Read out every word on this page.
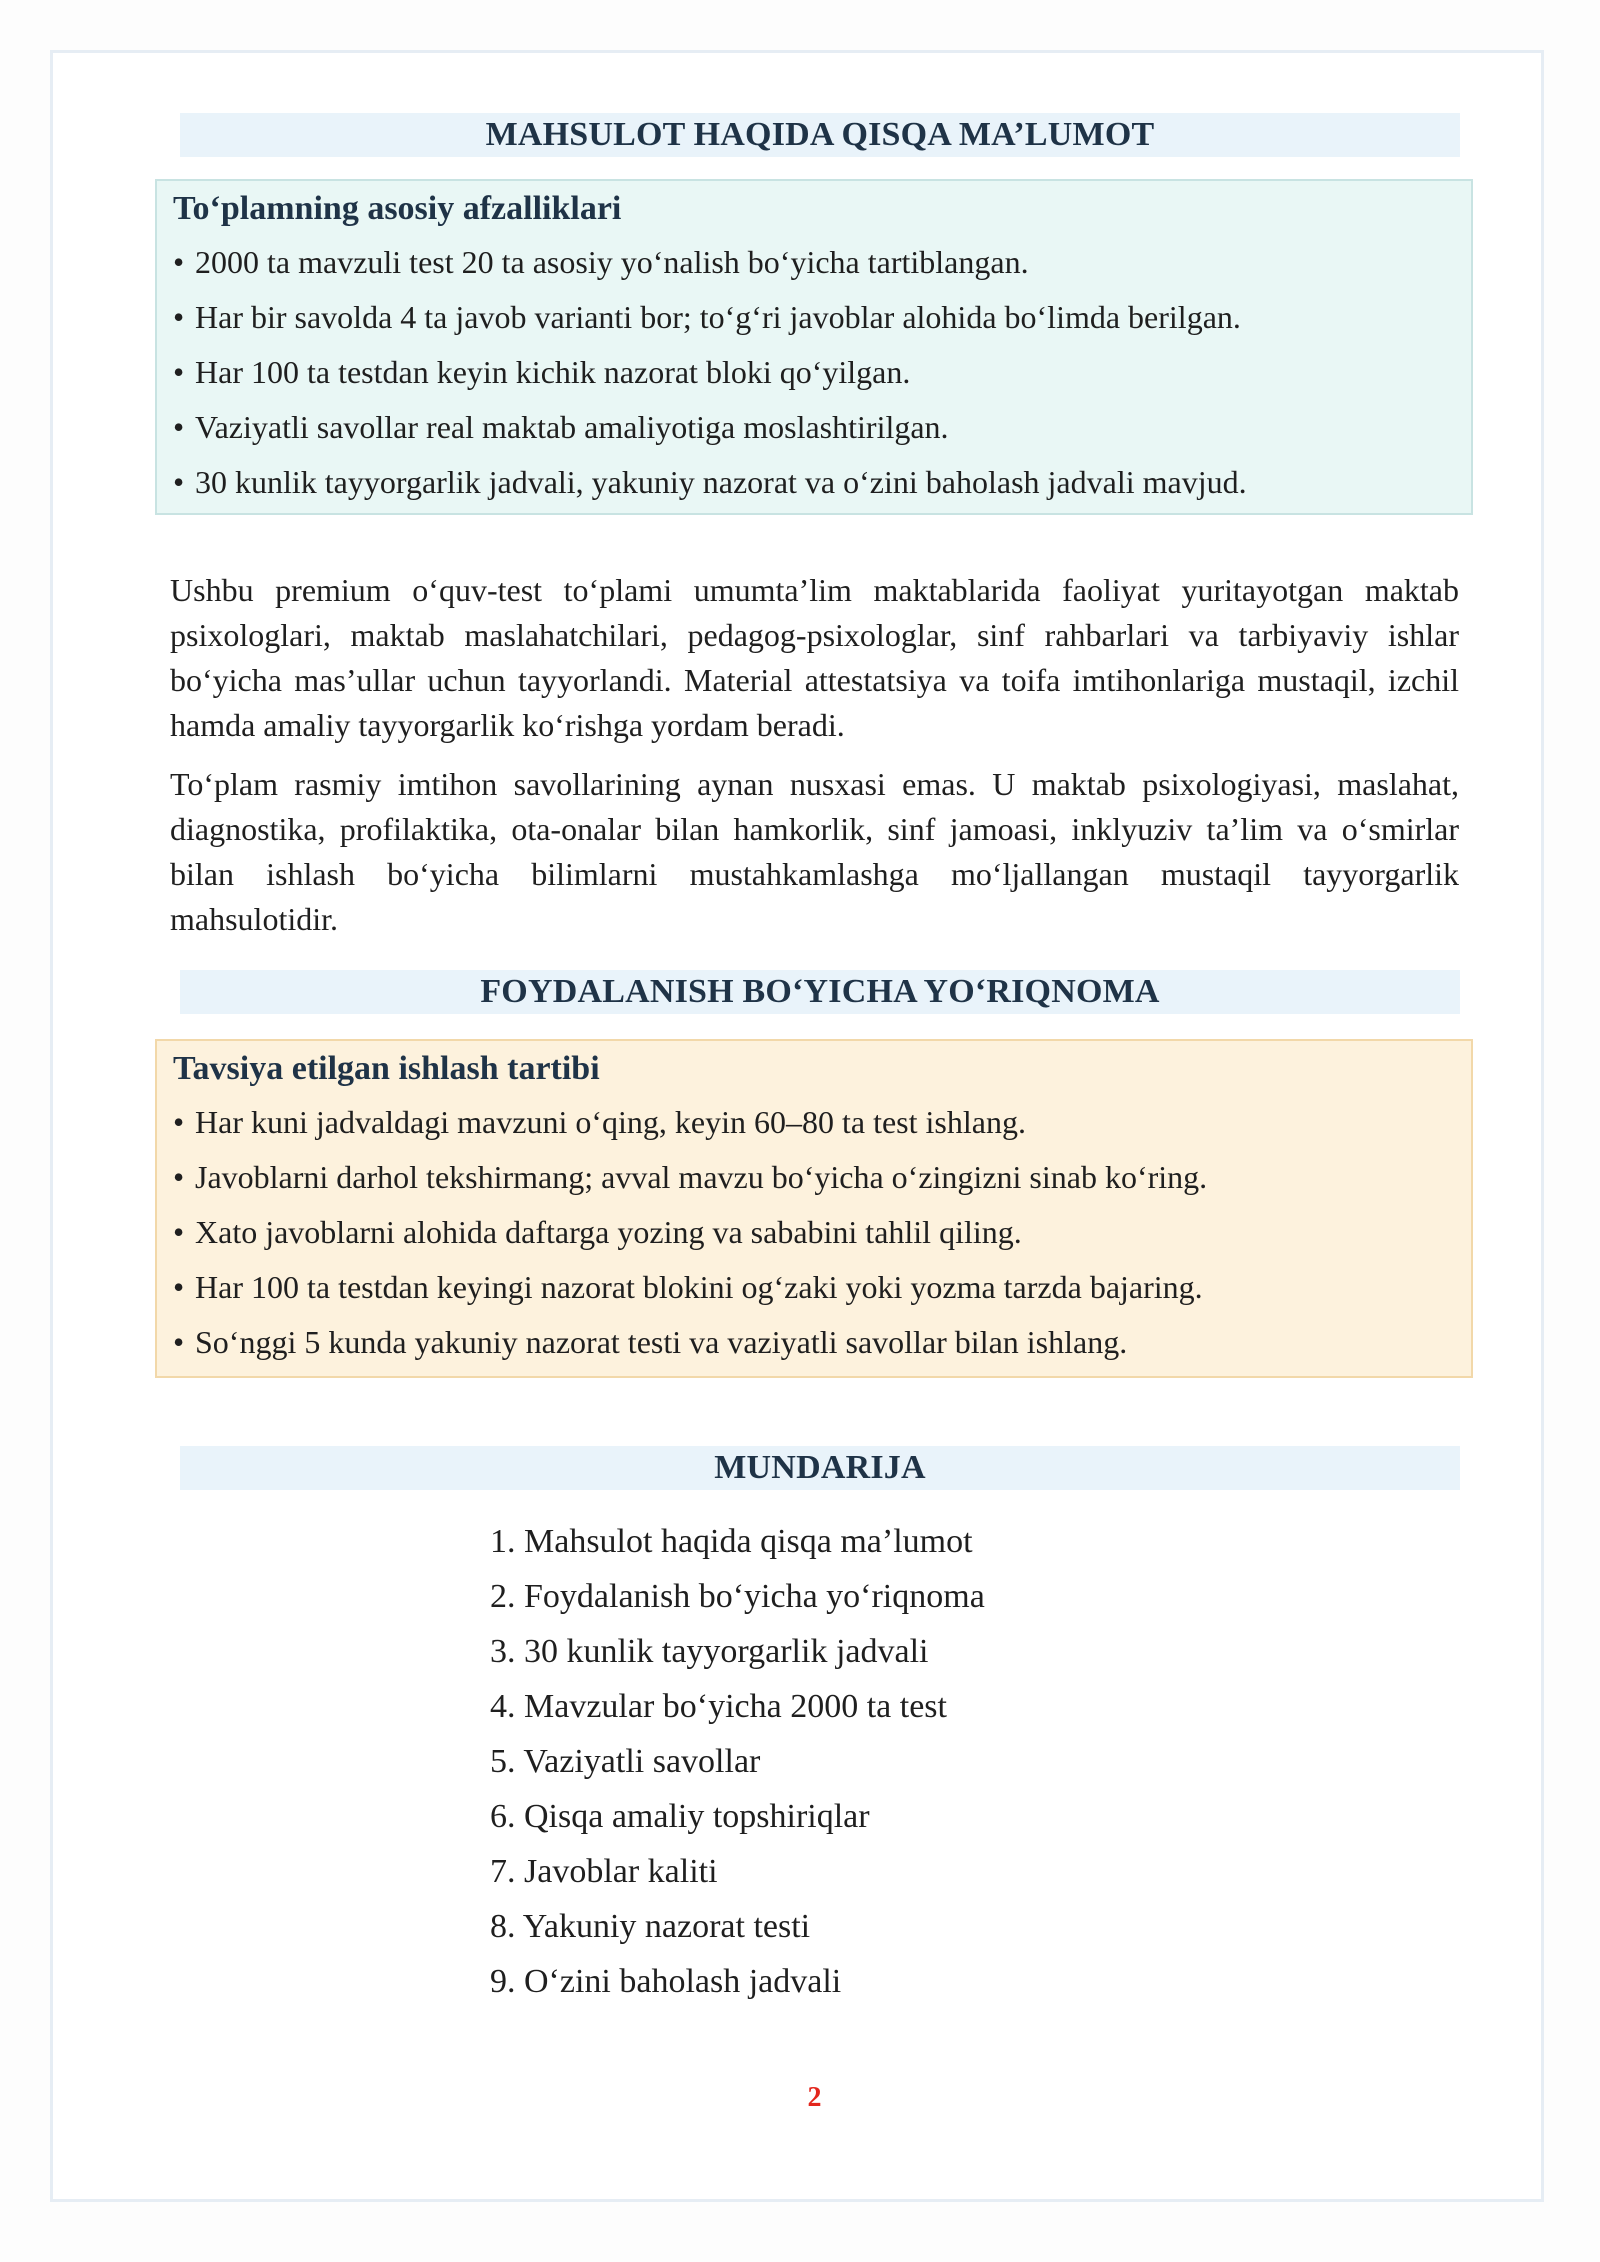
MAHSULOT HAQIDA QISQA MA’LUMOT
To‘plamning asosiy afzalliklari
• 2000 ta mavzuli test 20 ta asosiy yo‘nalish bo‘yicha tartiblangan.
• Har bir savolda 4 ta javob varianti bor; to‘g‘ri javoblar alohida bo‘limda berilgan.
• Har 100 ta testdan keyin kichik nazorat bloki qo‘yilgan.
• Vaziyatli savollar real maktab amaliyotiga moslashtirilgan.
• 30 kunlik tayyorgarlik jadvali, yakuniy nazorat va o‘zini baholash jadvali mavjud.

Ushbu premium o‘quv-test to‘plami umumta’lim maktablarida faoliyat yuritayotgan maktab psixologlari, maktab maslahatchilari, pedagog-psixologlar, sinf rahbarlari va tarbiyaviy ishlar bo‘yicha mas’ullar uchun tayyorlandi. Material attestatsiya va toifa imtihonlariga mustaqil, izchil hamda amaliy tayyorgarlik ko‘rishga yordam beradi.

To‘plam rasmiy imtihon savollarining aynan nusxasi emas. U maktab psixologiyasi, maslahat, diagnostika, profilaktika, ota-onalar bilan hamkorlik, sinf jamoasi, inklyuziv ta’lim va o‘smirlar bilan ishlash bo‘yicha bilimlarni mustahkamlashga mo‘ljallangan mustaqil tayyorgarlik mahsulotidir.

FOYDALANISH BO‘YICHA YO‘RIQNOMA
Tavsiya etilgan ishlash tartibi
• Har kuni jadvaldagi mavzuni o‘qing, keyin 60–80 ta test ishlang.
• Javoblarni darhol tekshirmang; avval mavzu bo‘yicha o‘zingizni sinab ko‘ring.
• Xato javoblarni alohida daftarga yozing va sababini tahlil qiling.
• Har 100 ta testdan keyingi nazorat blokini og‘zaki yoki yozma tarzda bajaring.
• So‘nggi 5 kunda yakuniy nazorat testi va vaziyatli savollar bilan ishlang.
MUNDARIJA
1. Mahsulot haqida qisqa ma’lumot
2. Foydalanish bo‘yicha yo‘riqnoma
3. 30 kunlik tayyorgarlik jadvali
4. Mavzular bo‘yicha 2000 ta test
5. Vaziyatli savollar
6. Qisqa amaliy topshiriqlar
7. Javoblar kaliti
8. Yakuniy nazorat testi
9. O‘zini baholash jadvali
2
